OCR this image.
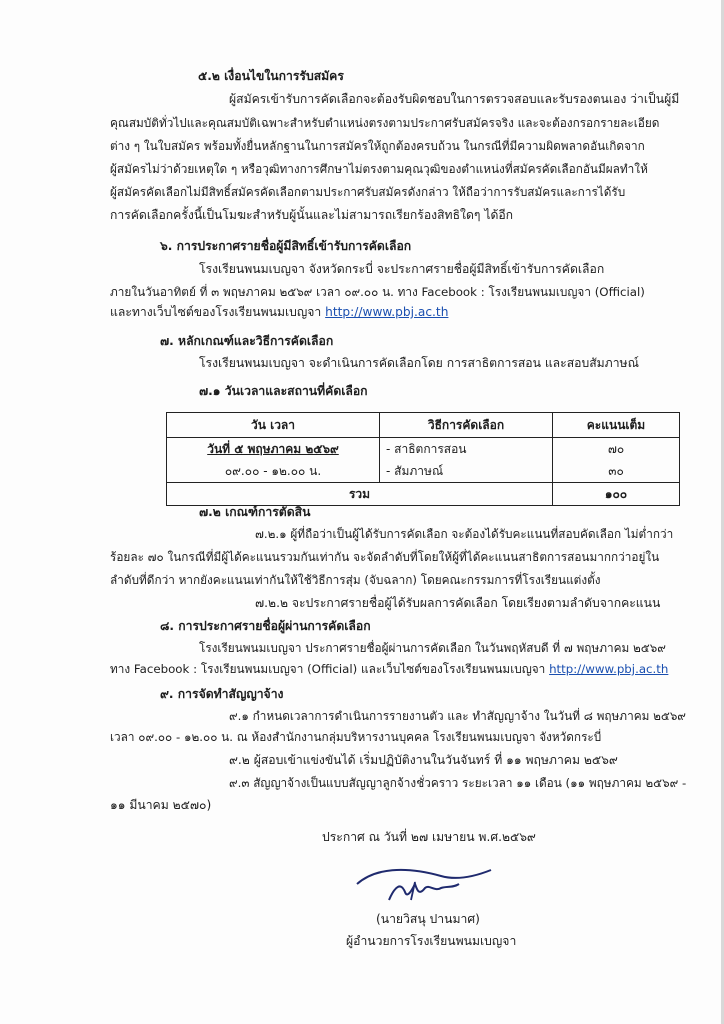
๕.๒ เงื่อนไขในการรับสมัคร
ผู้สมัครเข้ารับการคัดเลือกจะต้องรับผิดชอบในการตรวจสอบและรับรองตนเอง ว่าเป็นผู้มี
คุณสมบัติทั่วไปและคุณสมบัติเฉพาะสำหรับตำแหน่งตรงตามประกาศรับสมัครจริง และจะต้องกรอกรายละเอียด
ต่าง ๆ ในใบสมัคร พร้อมทั้งยื่นหลักฐานในการสมัครให้ถูกต้องครบถ้วน ในกรณีที่มีความผิดพลาดอันเกิดจาก
ผู้สมัครไม่ว่าด้วยเหตุใด ๆ หรือวุฒิทางการศึกษาไม่ตรงตามคุณวุฒิของตำแหน่งที่สมัครคัดเลือกอันมีผลทำให้
ผู้สมัครคัดเลือกไม่มีสิทธิ์สมัครคัดเลือกตามประกาศรับสมัครดังกล่าว ให้ถือว่าการรับสมัครและการได้รับ
การคัดเลือกครั้งนี้เป็นโมฆะสำหรับผู้นั้นและไม่สามารถเรียกร้องสิทธิใดๆ ได้อีก
๖. การประกาศรายชื่อผู้มีสิทธิ์เข้ารับการคัดเลือก
โรงเรียนพนมเบญจา จังหวัดกระบี่ จะประกาศรายชื่อผู้มีสิทธิ์เข้ารับการคัดเลือก
ภายในวันอาทิตย์ ที่ ๓ พฤษภาคม ๒๕๖๙ เวลา ๐๙.๐๐ น. ทาง Facebook : โรงเรียนพนมเบญจา (Official)
และทางเว็บไซต์ของโรงเรียนพนมเบญจา http://www.pbj.ac.th
๗. หลักเกณฑ์และวิธีการคัดเลือก
โรงเรียนพนมเบญจา จะดำเนินการคัดเลือกโดย การสาธิตการสอน และสอบสัมภาษณ์
๗.๑ วันเวลาและสถานที่คัดเลือก
วัน เวลา	วิธีการคัดเลือก	คะแนนเต็ม
วันที่ ๕ พฤษภาคม ๒๕๖๙	- สาธิตการสอน	๗๐
๐๙.๐๐ - ๑๒.๐๐ น.	- สัมภาษณ์	๓๐
รวม		๑๐๐
๗.๒ เกณฑ์การตัดสิน
๗.๒.๑ ผู้ที่ถือว่าเป็นผู้ได้รับการคัดเลือก จะต้องได้รับคะแนนที่สอบคัดเลือก ไม่ต่ำกว่า
ร้อยละ ๗๐ ในกรณีที่มีผู้ได้คะแนนรวมกันเท่ากัน จะจัดลำดับที่โดยให้ผู้ที่ได้คะแนนสาธิตการสอนมากกว่าอยู่ใน
ลำดับที่ดีกว่า หากยังคะแนนเท่ากันให้ใช้วิธีการสุ่ม (จับฉลาก) โดยคณะกรรมการที่โรงเรียนแต่งตั้ง
๗.๒.๒ จะประกาศรายชื่อผู้ได้รับผลการคัดเลือก โดยเรียงตามลำดับจากคะแนน
๘. การประกาศรายชื่อผู้ผ่านการคัดเลือก
โรงเรียนพนมเบญจา ประกาศรายชื่อผู้ผ่านการคัดเลือก ในวันพฤหัสบดี ที่ ๗ พฤษภาคม ๒๕๖๙
ทาง Facebook : โรงเรียนพนมเบญจา (Official) และเว็บไซต์ของโรงเรียนพนมเบญจา http://www.pbj.ac.th
๙. การจัดทำสัญญาจ้าง
๙.๑ กำหนดเวลาการดำเนินการรายงานตัว และ ทำสัญญาจ้าง ในวันที่ ๘ พฤษภาคม ๒๕๖๙
เวลา ๐๙.๐๐ - ๑๒.๐๐ น. ณ ห้องสำนักงานกลุ่มบริหารงานบุคคล โรงเรียนพนมเบญจา จังหวัดกระบี่
๙.๒ ผู้สอบเข้าแข่งขันได้ เริ่มปฏิบัติงานในวันจันทร์ ที่ ๑๑ พฤษภาคม ๒๕๖๙
๙.๓ สัญญาจ้างเป็นแบบสัญญาลูกจ้างชั่วคราว ระยะเวลา ๑๑ เดือน (๑๑ พฤษภาคม ๒๕๖๙ -
๑๑ มีนาคม ๒๕๗๐)
ประกาศ ณ วันที่ ๒๗ เมษายน พ.ศ.๒๕๖๙
(นายวิสนุ ปานมาศ)
ผู้อำนวยการโรงเรียนพนมเบญจา
